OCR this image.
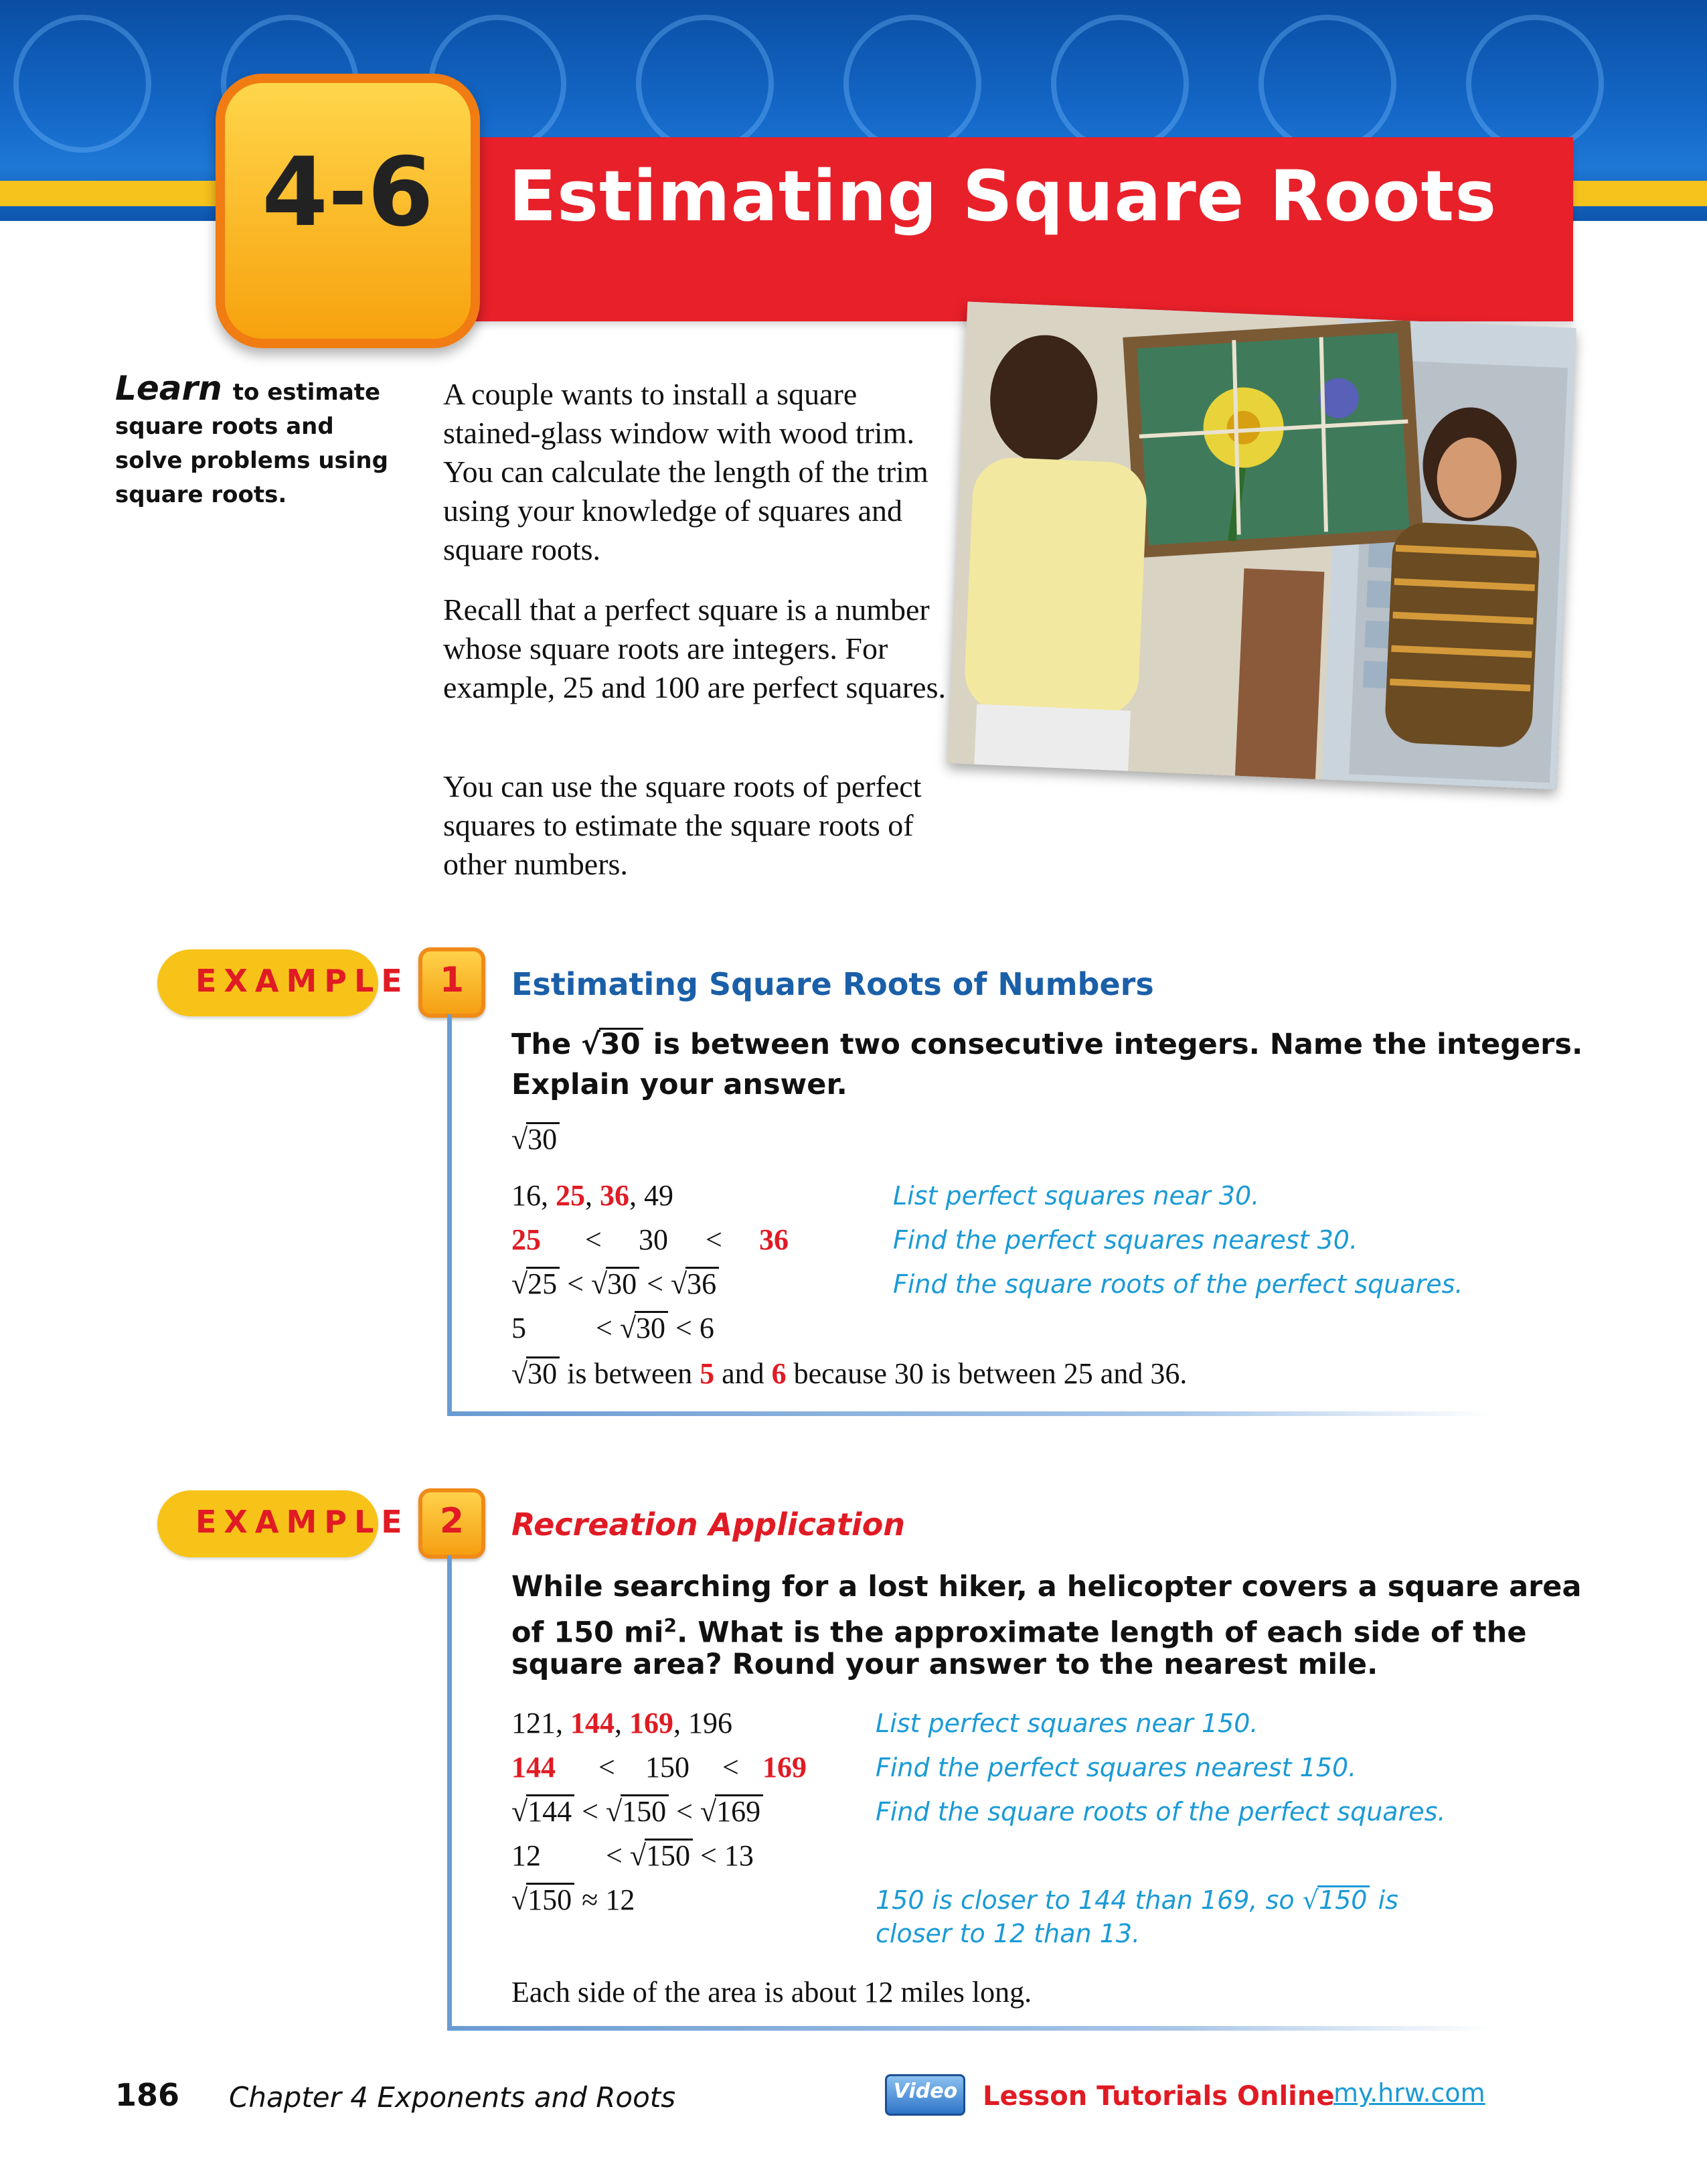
Estimating Square Roots
4-6
Learn to estimate square roots and solve problems using square roots.
A couple wants to install a square stained-glass window with wood trim. You can calculate the length of the trim using your knowledge of squares and square roots.
Recall that a perfect square is a number whose square roots are integers. For example, 25 and 100 are perfect squares.
You can use the square roots of perfect squares to estimate the square roots of other numbers.
EXAMPLE 1	Estimating Square Roots of Numbers
The √30 is between two consecutive integers. Name the integers.
Explain your answer.
√30
16, 25, 36, 49	List perfect squares near 30.
25 < 30 < 36	Find the perfect squares nearest 30.
√25 < √30 < √36	Find the square roots of the perfect squares.
5 < √30 < 6
√30 is between 5 and 6 because 30 is between 25 and 36.
EXAMPLE 2	Recreation Application
While searching for a lost hiker, a helicopter covers a square area
of 150 $mi^2$. What is the approximate length of each side of the
square area? Round your answer to the nearest mile.
121, 144, 169, 196	List perfect squares near 150.
144 < 150 < 169	Find the perfect squares nearest 150.
√144 < √150 < √169	Find the square roots of the perfect squares.
12 < √150 < 13
√150 ≈ 12	150 is closer to 144 than 169, so √150 is
closer to 12 than 13.
Each side of the area is about 12 miles long.
186 Chapter 4 Exponents and Roots	Video Lesson Tutorials Online
my.hrw.com
